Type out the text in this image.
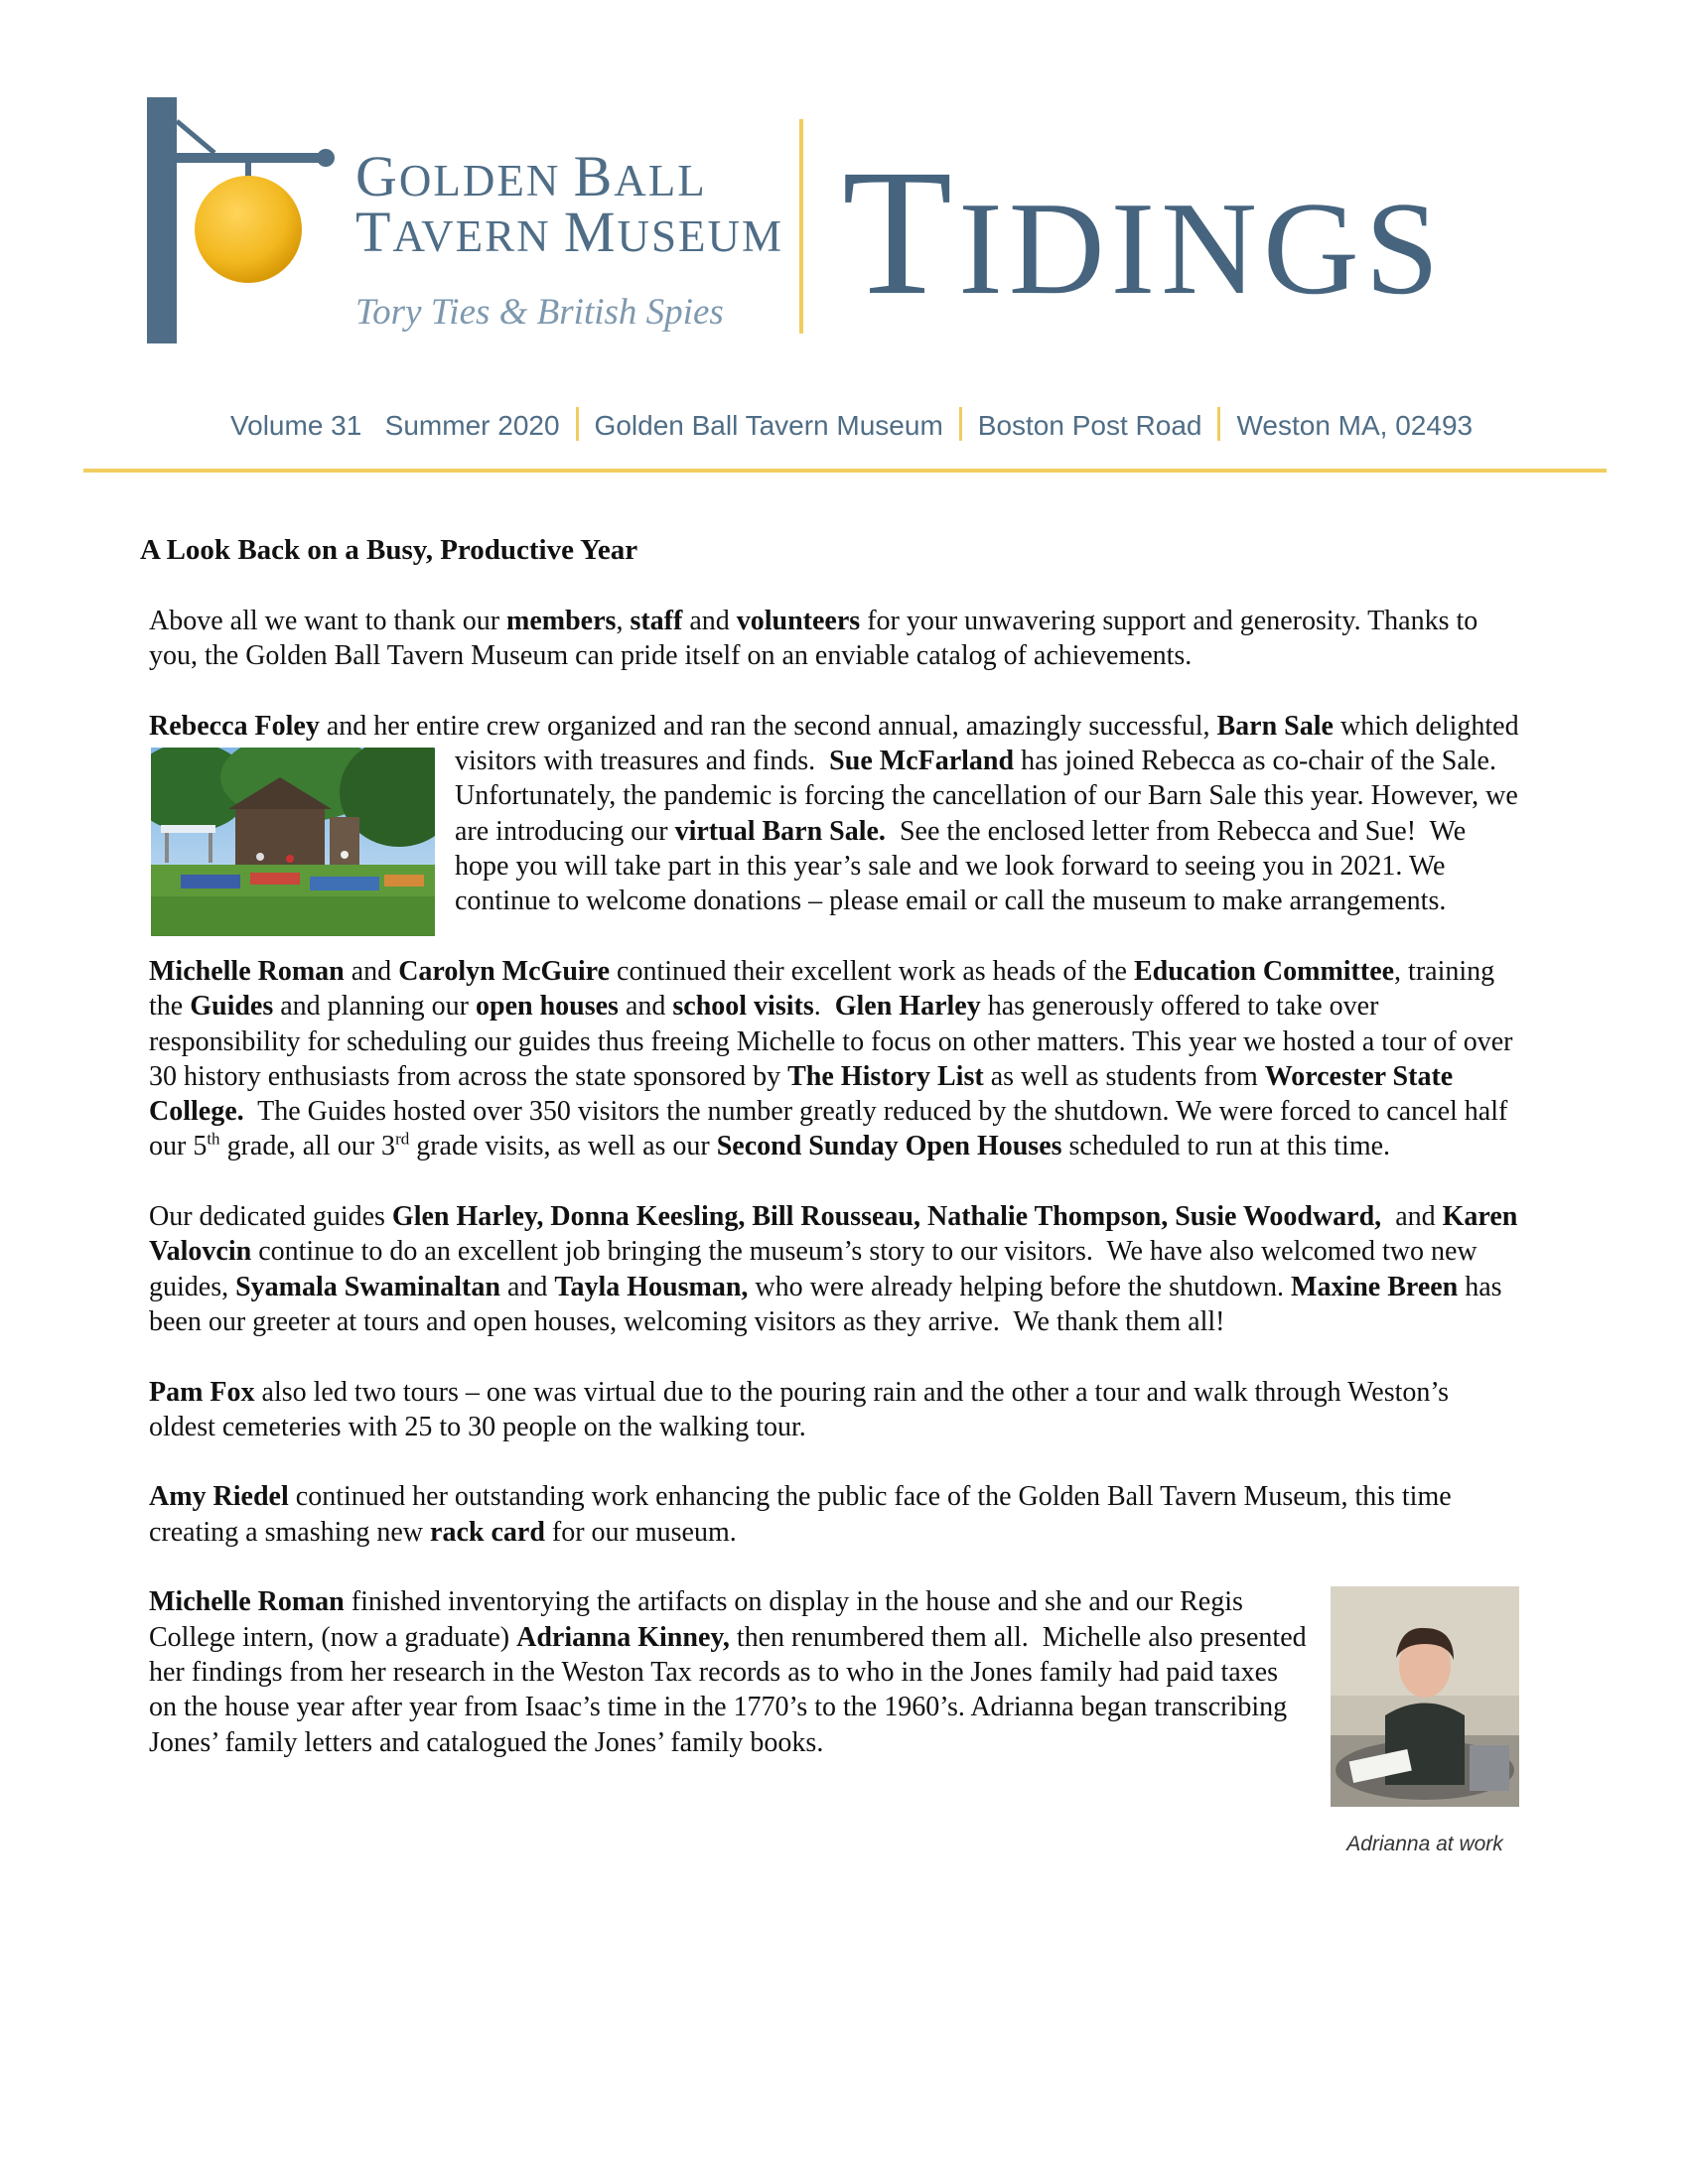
GOLDEN BALL
TAVERN MUSEUM
Tory Ties & British Spies TIDINGS
Volume 31 Summer 2020 Golden Ball Tavern Museum Boston Post Road Weston MA, 02493
A Look Back on a Busy, Productive Year

Above all we want to thank our members, staff and volunteers for your unwavering support and generosity. Thanks to you, the Golden Ball Tavern Museum can pride itself on an enviable catalog of achievements.

Rebecca Foley and her entire crew organized and ran the second annual, amazingly successful, Barn Sale
which delighted visitors with treasures and finds.  Sue McFarland has joined Rebecca as co-chair of the Sale.  Unfortunately, the pandemic is forcing the cancellation of our Barn Sale this year. However, we are introducing our virtual Barn Sale.  See the enclosed letter from Rebecca and Sue!  We hope you will take part in this year’s sale and we look forward to seeing you in 2021. We continue to welcome donations – please email or call the museum to make arrangements.

Michelle Roman and Carolyn McGuire continued their excellent work as heads of the Education Committee, training the Guides and planning our open houses and school visits.  Glen Harley has generously offered to take over responsibility for scheduling our guides thus freeing Michelle to focus on other matters. This year we hosted a tour of over 30 history enthusiasts from across the state sponsored by The History List as well as students from Worcester State College.  The Guides hosted over 350 visitors the number greatly reduced by the shutdown. We were forced to cancel half our 5th grade, all our 3rd grade visits, as well as our Second Sunday Open Houses scheduled to run at this time.

Our dedicated guides Glen Harley, Donna Keesling, Bill Rousseau, Nathalie Thompson, Susie Woodward,  and Karen Valovcin continue to do an excellent job bringing the museum’s story to our visitors.  We have also welcomed two new guides, Syamala Swaminaltan and Tayla Housman, who were already helping before the shutdown. Maxine Breen has been our greeter at tours and open houses, welcoming visitors as they arrive.  We thank them all!

Pam Fox also led two tours – one was virtual due to the pouring rain and the other a tour and walk through Weston’s oldest cemeteries with 25 to 30 people on the walking tour.

Amy Riedel continued her outstanding work enhancing the public face of the Golden Ball Tavern Museum, this time creating a smashing new rack card for our museum.

Adrianna at work
Michelle Roman finished inventorying the artifacts on display in the house and she and our Regis College intern, (now a graduate) Adrianna Kinney, then renumbered them all.  Michelle also presented her findings from her research in the Weston Tax records as to who in the Jones family had paid taxes on the house year after year from Isaac’s time in the 1770’s to the 1960’s. Adrianna began transcribing Jones’ family letters and catalogued the Jones’ family books.
